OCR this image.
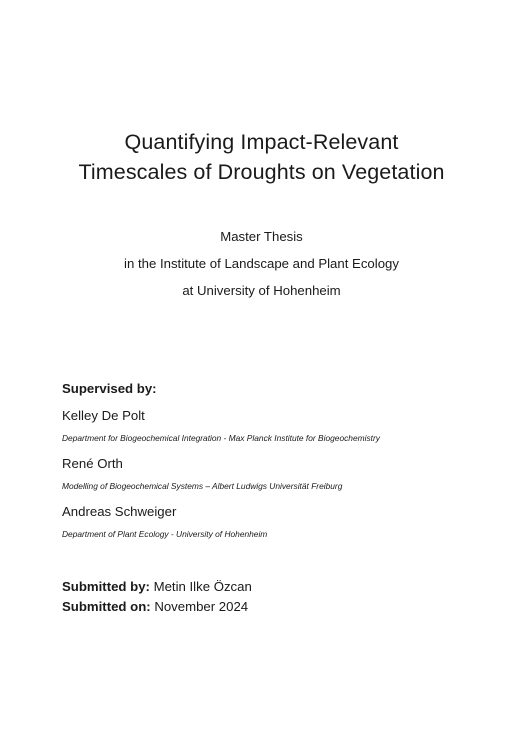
Quantifying Impact-Relevant
Timescales of Droughts on Vegetation
Master Thesis
in the Institute of Landscape and Plant Ecology
at University of Hohenheim
Supervised by:
Kelley De Polt
Department for Biogeochemical Integration - Max Planck Institute for Biogeochemistry
René Orth
Modelling of Biogeochemical Systems – Albert Ludwigs Universität Freiburg
Andreas Schweiger
Department of Plant Ecology - University of Hohenheim
Submitted by: Metin Ilke Özcan
Submitted on: November 2024
